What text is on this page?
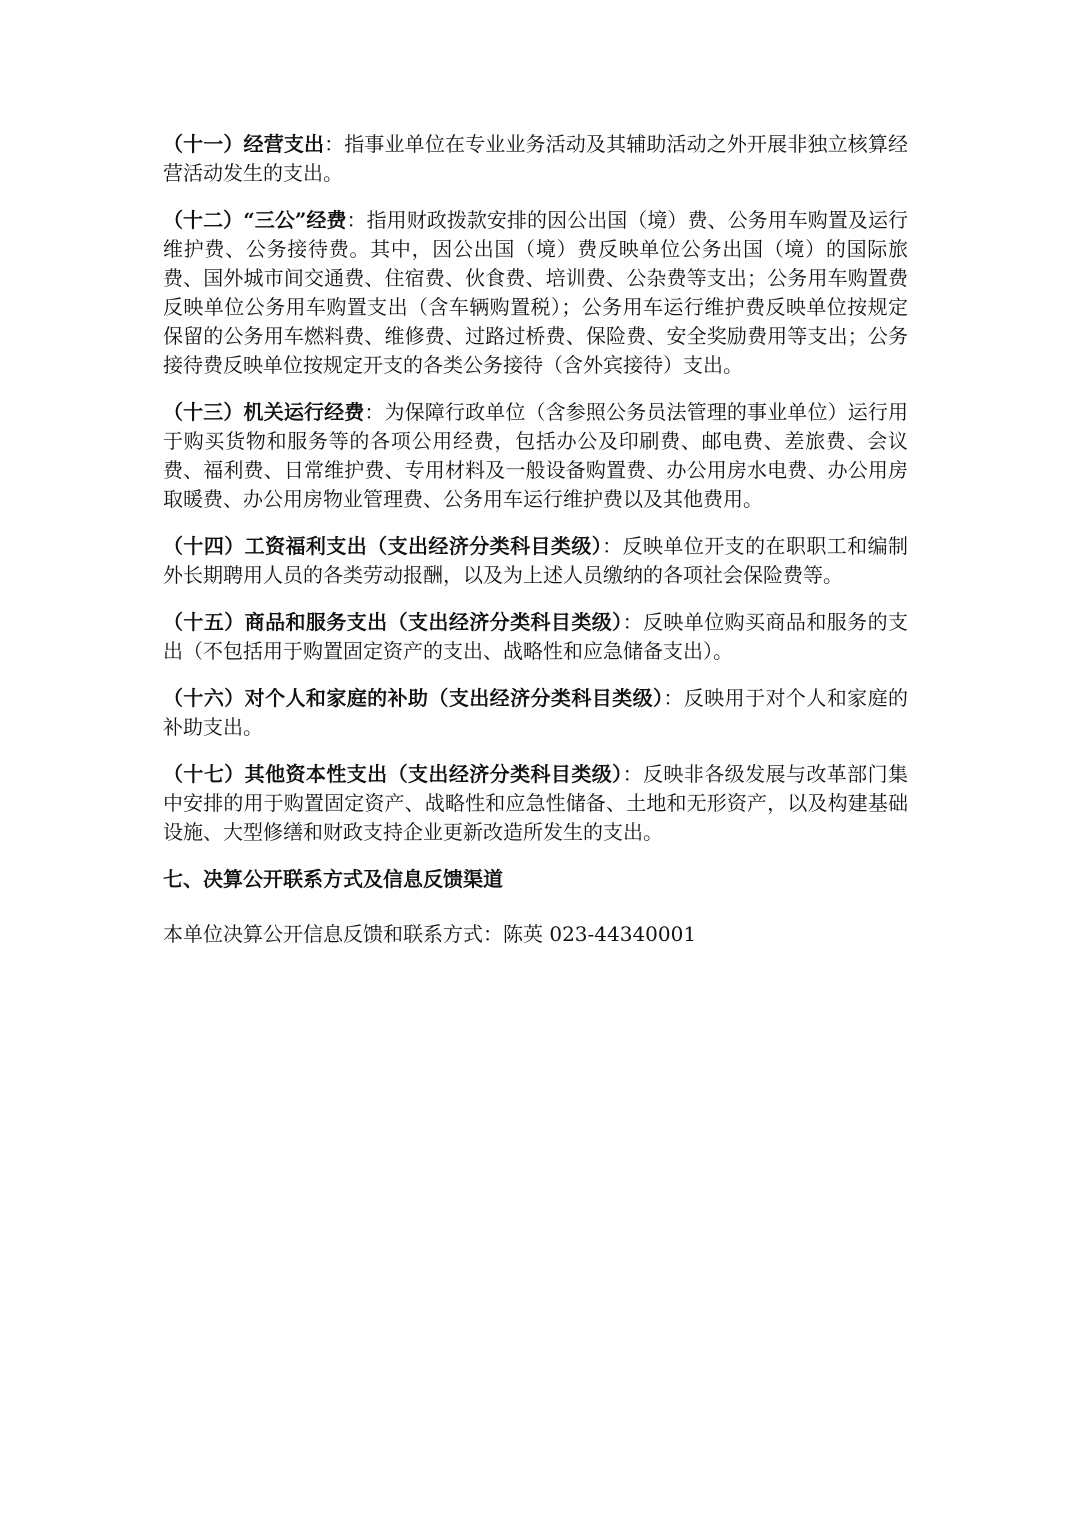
（十一）经营支出：指事业单位在专业业务活动及其辅助活动之外开展非独立核算经营活动发生的支出。

（十二）“三公”经费：指用财政拨款安排的因公出国（境）费、公务用车购置及运行维护费、公务接待费。其中，因公出国（境）费反映单位公务出国（境）的国际旅费、国外城市间交通费、住宿费、伙食费、培训费、公杂费等支出；公务用车购置费反映单位公务用车购置支出（含车辆购置税）；公务用车运行维护费反映单位按规定保留的公务用车燃料费、维修费、过路过桥费、保险费、安全奖励费用等支出；公务接待费反映单位按规定开支的各类公务接待（含外宾接待）支出。

（十三）机关运行经费：为保障行政单位（含参照公务员法管理的事业单位）运行用于购买货物和服务等的各项公用经费，包括办公及印刷费、邮电费、差旅费、会议费、福利费、日常维护费、专用材料及一般设备购置费、办公用房水电费、办公用房取暖费、办公用房物业管理费、公务用车运行维护费以及其他费用。

（十四）工资福利支出（支出经济分类科目类级）：反映单位开支的在职职工和编制外长期聘用人员的各类劳动报酬，以及为上述人员缴纳的各项社会保险费等。

（十五）商品和服务支出（支出经济分类科目类级）：反映单位购买商品和服务的支出（不包括用于购置固定资产的支出、战略性和应急储备支出）。

（十六）对个人和家庭的补助（支出经济分类科目类级）：反映用于对个人和家庭的补助支出。

（十七）其他资本性支出（支出经济分类科目类级）：反映非各级发展与改革部门集中安排的用于购置固定资产、战略性和应急性储备、土地和无形资产，以及构建基础设施、大型修缮和财政支持企业更新改造所发生的支出。

七、决算公开联系方式及信息反馈渠道

本单位决算公开信息反馈和联系方式：陈英 023-44340001
